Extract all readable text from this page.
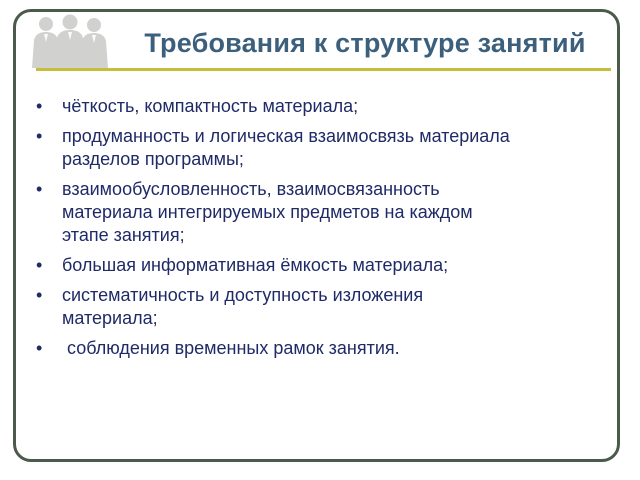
Требования к структуре занятий
• чёткость, компактность материала;
• продуманность и логическая взаимосвязь материала
разделов программы;
• взаимообусловленность, взаимосвязанность
материала интегрируемых предметов на каждом
этапе занятия;
• большая информативная ёмкость материала;
• систематичность и доступность изложения
материала;
• соблюдения временных рамок занятия.
